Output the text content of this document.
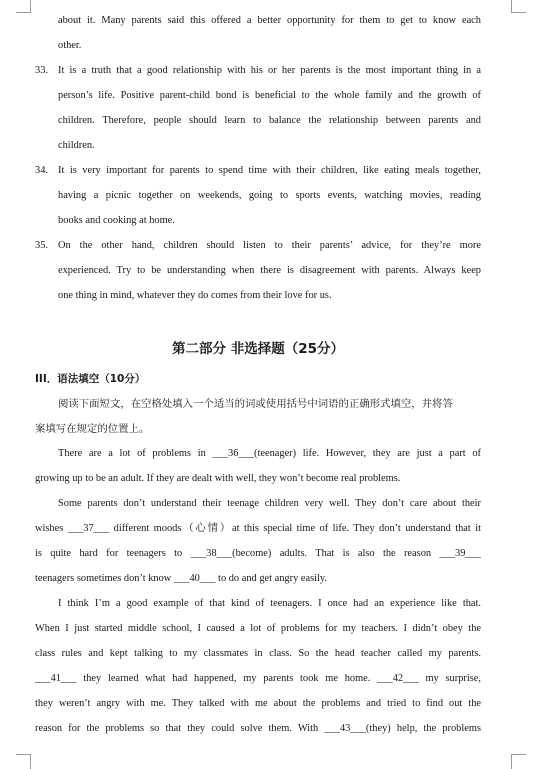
about it. Many parents said this offered a better opportunity for them to get to know each
other.
33. It is a truth that a good relationship with his or her parents is the most important thing in a
person’s life. Positive parent-child bond is beneficial to the whole family and the growth of
children. Therefore, people should learn to balance the relationship between parents and
children.
34. It is very important for parents to spend time with their children, like eating meals together,
having a picnic together on weekends, going to sports events, watching movies, reading
books and cooking at home.
35. On the other hand, children should listen to their parents’ advice, for they’re more
experienced. Try to be understanding when there is disagreement with parents. Always keep
one thing in mind, whatever they do comes from their love for us.
第二部分 非选择题（25分）
III．语法填空（10分）
阅读下面短文，在空格处填入一个适当的词或使用括号中词语的正确形式填空，并将答
案填写在规定的位置上。
There are a lot of problems in ___36___(teenager) life. However, they are just a part of
growing up to be an adult. If they are dealt with well, they won’t become real problems.
Some parents don’t understand their teenage children very well. They don’t care about their
wishes ___37___ different moods（心情）at this special time of life. They don’t understand that it
is quite hard for teenagers to ___38___(become) adults. That is also the reason ___39___
teenagers sometimes don’t know ___40___ to do and get angry easily.
I think I’m a good example of that kind of teenagers. I once had an experience like that.
When I just started middle school, I caused a lot of problems for my teachers. I didn’t obey the
class rules and kept talking to my classmates in class. So the head teacher called my parents.
___41___ they learned what had happened, my parents took me home. ___42___ my surprise,
they weren’t angry with me. They talked with me about the problems and tried to find out the
reason for the problems so that they could solve them. With ___43___(they) help, the problems
